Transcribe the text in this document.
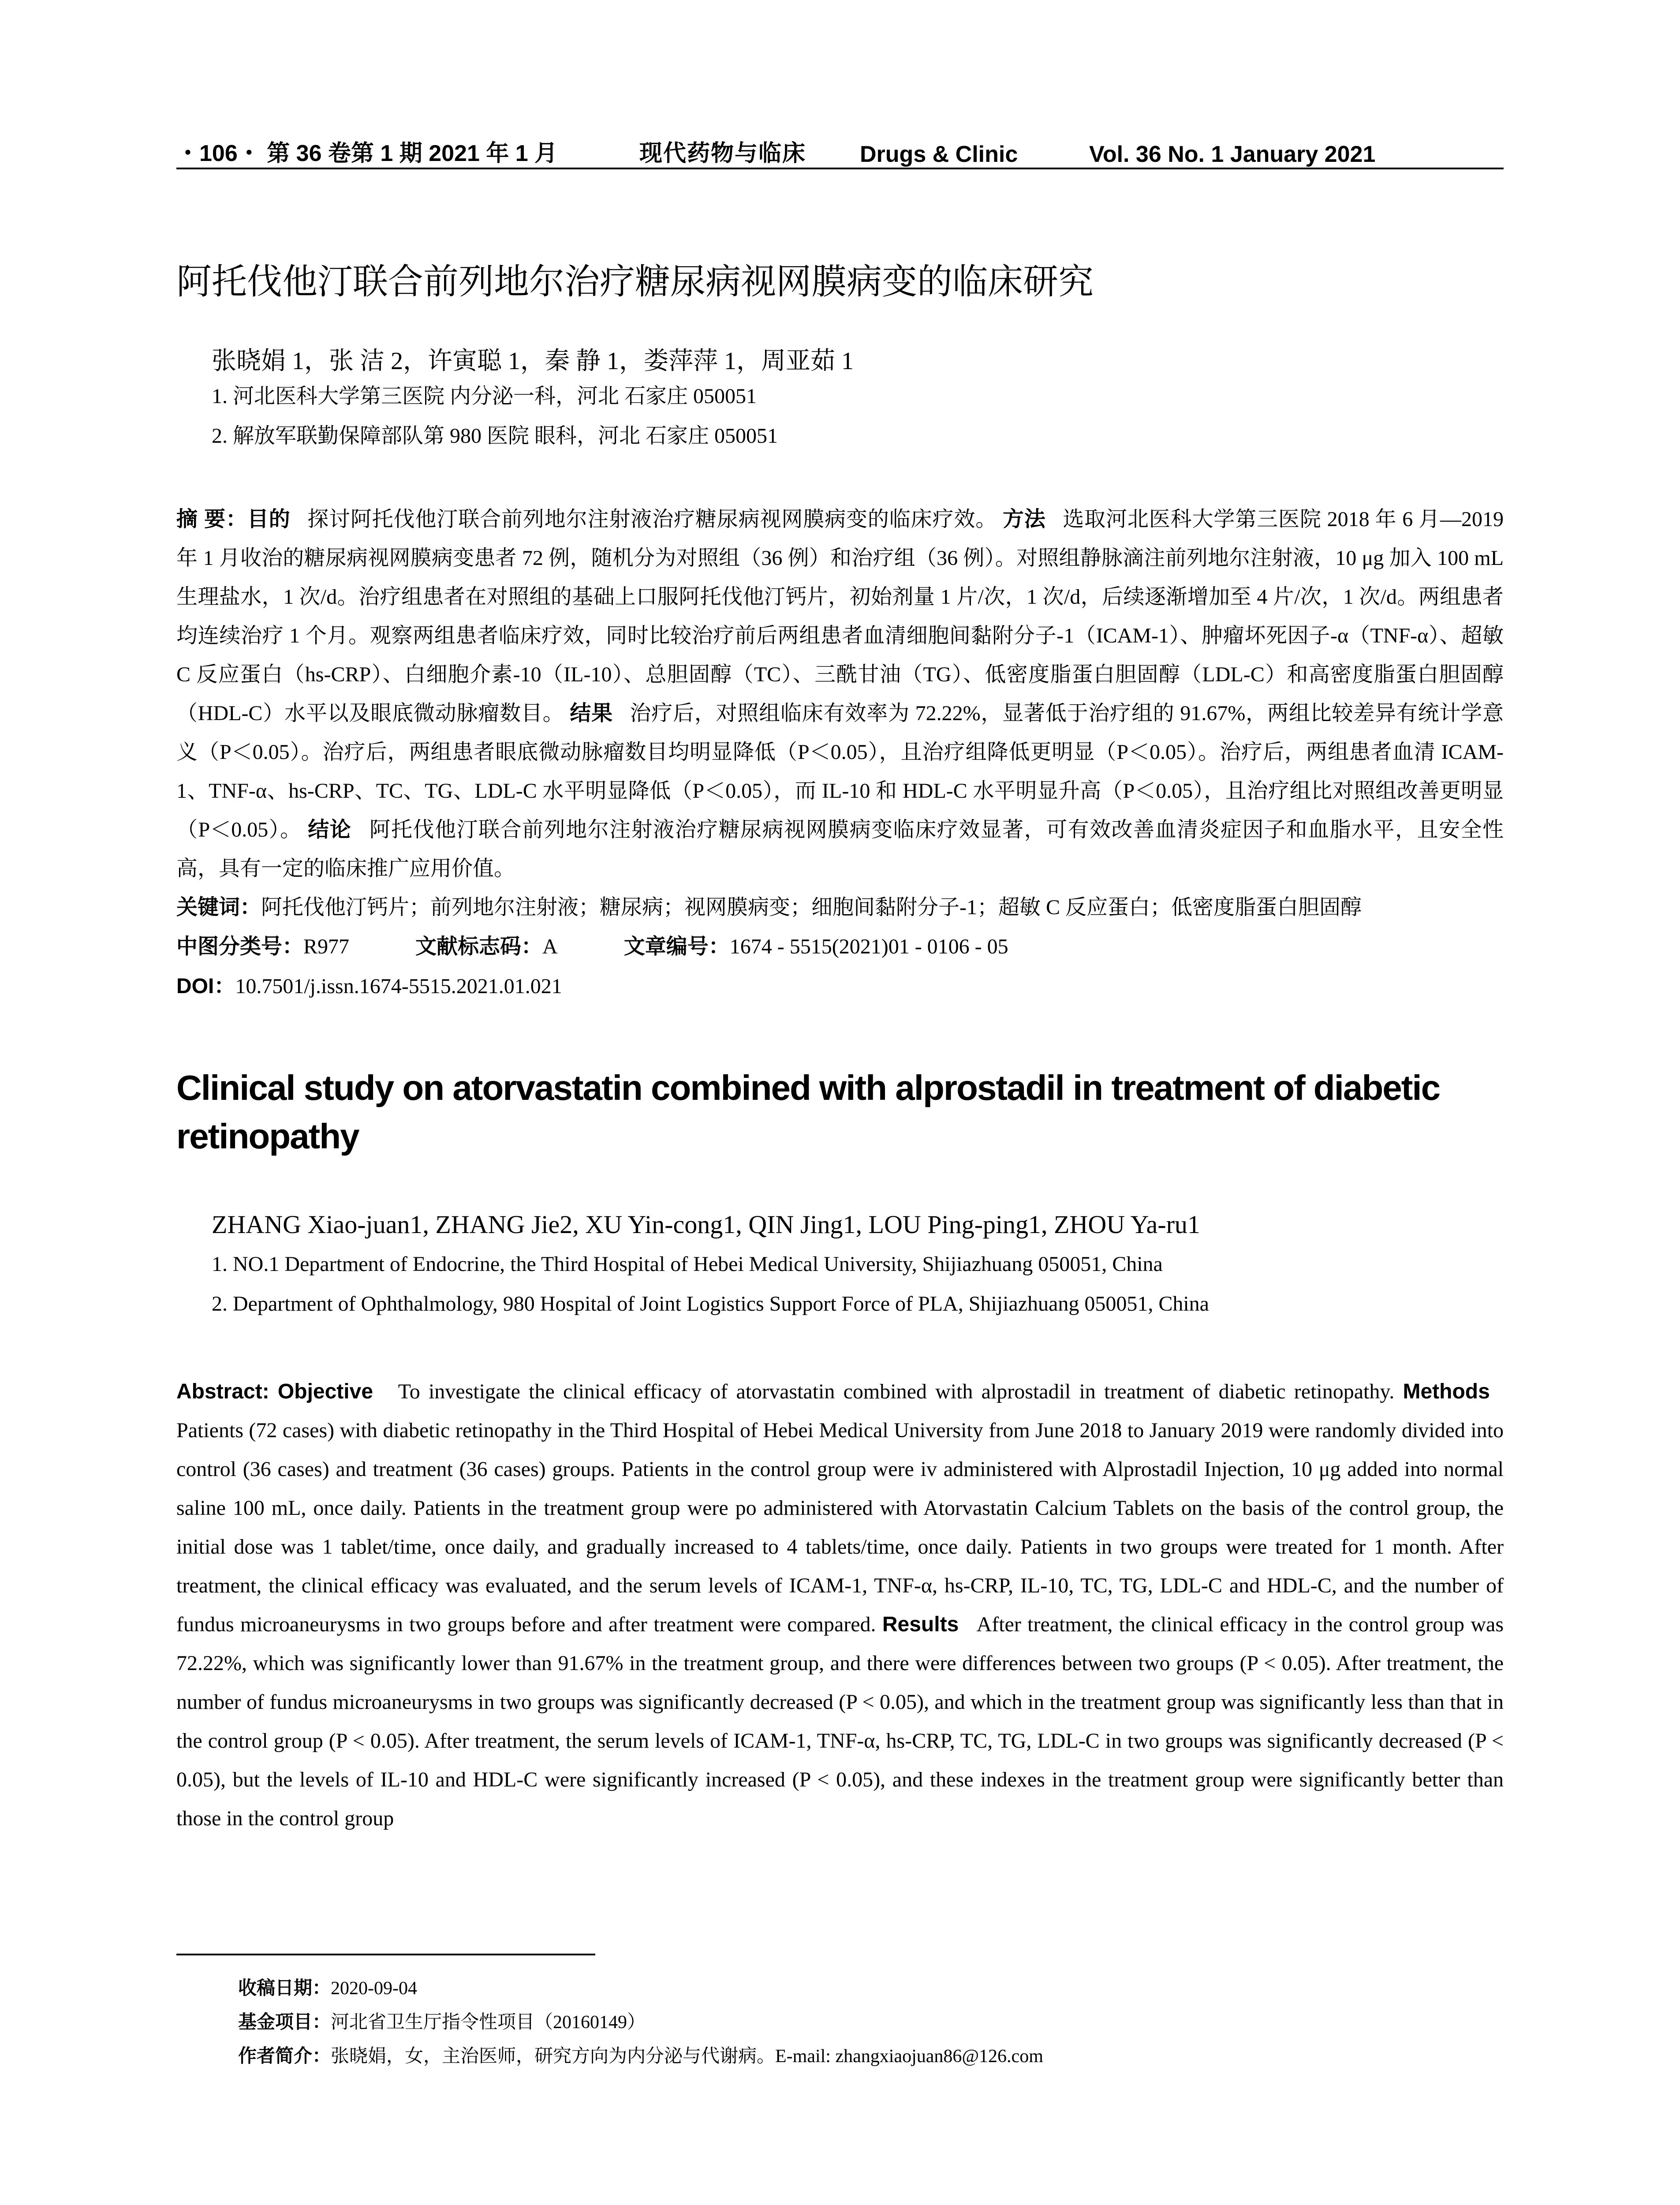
・106・ 第 36 卷第 1 期 2021 年 1 月	现代药物与临床	Drugs & Clinic	Vol. 36 No. 1 January 2021
阿托伐他汀联合前列地尔治疗糖尿病视网膜病变的临床研究
张晓娟 1，张 洁 2，许寅聪 1，秦 静 1，娄萍萍 1，周亚茹 1
1. 河北医科大学第三医院 内分泌一科，河北 石家庄 050051
2. 解放军联勤保障部队第 980 医院 眼科，河北 石家庄 050051
摘 要：目的 探讨阿托伐他汀联合前列地尔注射液治疗糖尿病视网膜病变的临床疗效。 方法 选取河北医科大学第三医院 2018 年 6 月—2019 年 1 月收治的糖尿病视网膜病变患者 72 例，随机分为对照组（36 例）和治疗组（36 例）。对照组静脉滴注前列地尔注射液，10 μg 加入 100 mL 生理盐水，1 次/d。治疗组患者在对照组的基础上口服阿托伐他汀钙片，初始剂量 1 片/次，1 次/d，后续逐渐增加至 4 片/次，1 次/d。两组患者均连续治疗 1 个月。观察两组患者临床疗效，同时比较治疗前后两组患者血清细胞间黏附分子-1（ICAM-1）、肿瘤坏死因子-α（TNF-α）、超敏 C 反应蛋白（hs-CRP）、白细胞介素-10（IL-10）、总胆固醇（TC）、三酰甘油（TG）、低密度脂蛋白胆固醇（LDL-C）和高密度脂蛋白胆固醇（HDL-C）水平以及眼底微动脉瘤数目。 结果 治疗后，对照组临床有效率为 72.22%，显著低于治疗组的 91.67%，两组比较差异有统计学意义（P＜0.05）。治疗后，两组患者眼底微动脉瘤数目均明显降低（P＜0.05），且治疗组降低更明显（P＜0.05）。治疗后，两组患者血清 ICAM-1、TNF-α、hs-CRP、TC、TG、LDL-C 水平明显降低（P＜0.05），而 IL-10 和 HDL-C 水平明显升高（P＜0.05），且治疗组比对照组改善更明显（P＜0.05）。 结论 阿托伐他汀联合前列地尔注射液治疗糖尿病视网膜病变临床疗效显著，可有效改善血清炎症因子和血脂水平，且安全性高，具有一定的临床推广应用价值。
关键词：阿托伐他汀钙片；前列地尔注射液；糖尿病；视网膜病变；细胞间黏附分子-1；超敏 C 反应蛋白；低密度脂蛋白胆固醇
中图分类号：R977	文献标志码：A	文章编号：1674 - 5515(2021)01 - 0106 - 05
DOI：10.7501/j.issn.1674-5515.2021.01.021
Clinical study on atorvastatin combined with alprostadil in treatment of diabetic retinopathy
ZHANG Xiao-juan1, ZHANG Jie2, XU Yin-cong1, QIN Jing1, LOU Ping-ping1, ZHOU Ya-ru1
1. NO.1 Department of Endocrine, the Third Hospital of Hebei Medical University, Shijiazhuang 050051, China
2. Department of Ophthalmology, 980 Hospital of Joint Logistics Support Force of PLA, Shijiazhuang 050051, China
Abstract: Objective To investigate the clinical efficacy of atorvastatin combined with alprostadil in treatment of diabetic retinopathy. Methods   Patients (72 cases) with diabetic retinopathy in the Third Hospital of Hebei Medical University from June 2018 to January 2019 were randomly divided into control (36 cases) and treatment (36 cases) groups. Patients in the control group were iv administered with Alprostadil Injection, 10 μg added into normal saline 100 mL, once daily. Patients in the treatment group were po administered with Atorvastatin Calcium Tablets on the basis of the control group, the initial dose was 1 tablet/time, once daily, and gradually increased to 4 tablets/time, once daily. Patients in two groups were treated for 1 month. After treatment, the clinical efficacy was evaluated, and the serum levels of ICAM-1, TNF-α, hs-CRP, IL-10, TC, TG, LDL-C and HDL-C, and the number of fundus microaneurysms in two groups before and after treatment were compared. Results After treatment, the clinical efficacy in the control group was 72.22%, which was significantly lower than 91.67% in the treatment group, and there were differences between two groups (P < 0.05). After treatment, the number of fundus microaneurysms in two groups was significantly decreased (P < 0.05), and which in the treatment group was significantly less than that in the control group (P < 0.05). After treatment, the serum levels of ICAM-1, TNF-α, hs-CRP, TC, TG, LDL-C in two groups was significantly decreased (P < 0.05), but the levels of IL-10 and HDL-C were significantly increased (P < 0.05), and these indexes in the treatment group were significantly better than those in the control group
收稿日期：2020-09-04
基金项目：河北省卫生厅指令性项目（20160149）
作者简介：张晓娟，女，主治医师，研究方向为内分泌与代谢病。E-mail: zhangxiaojuan86@126.com
